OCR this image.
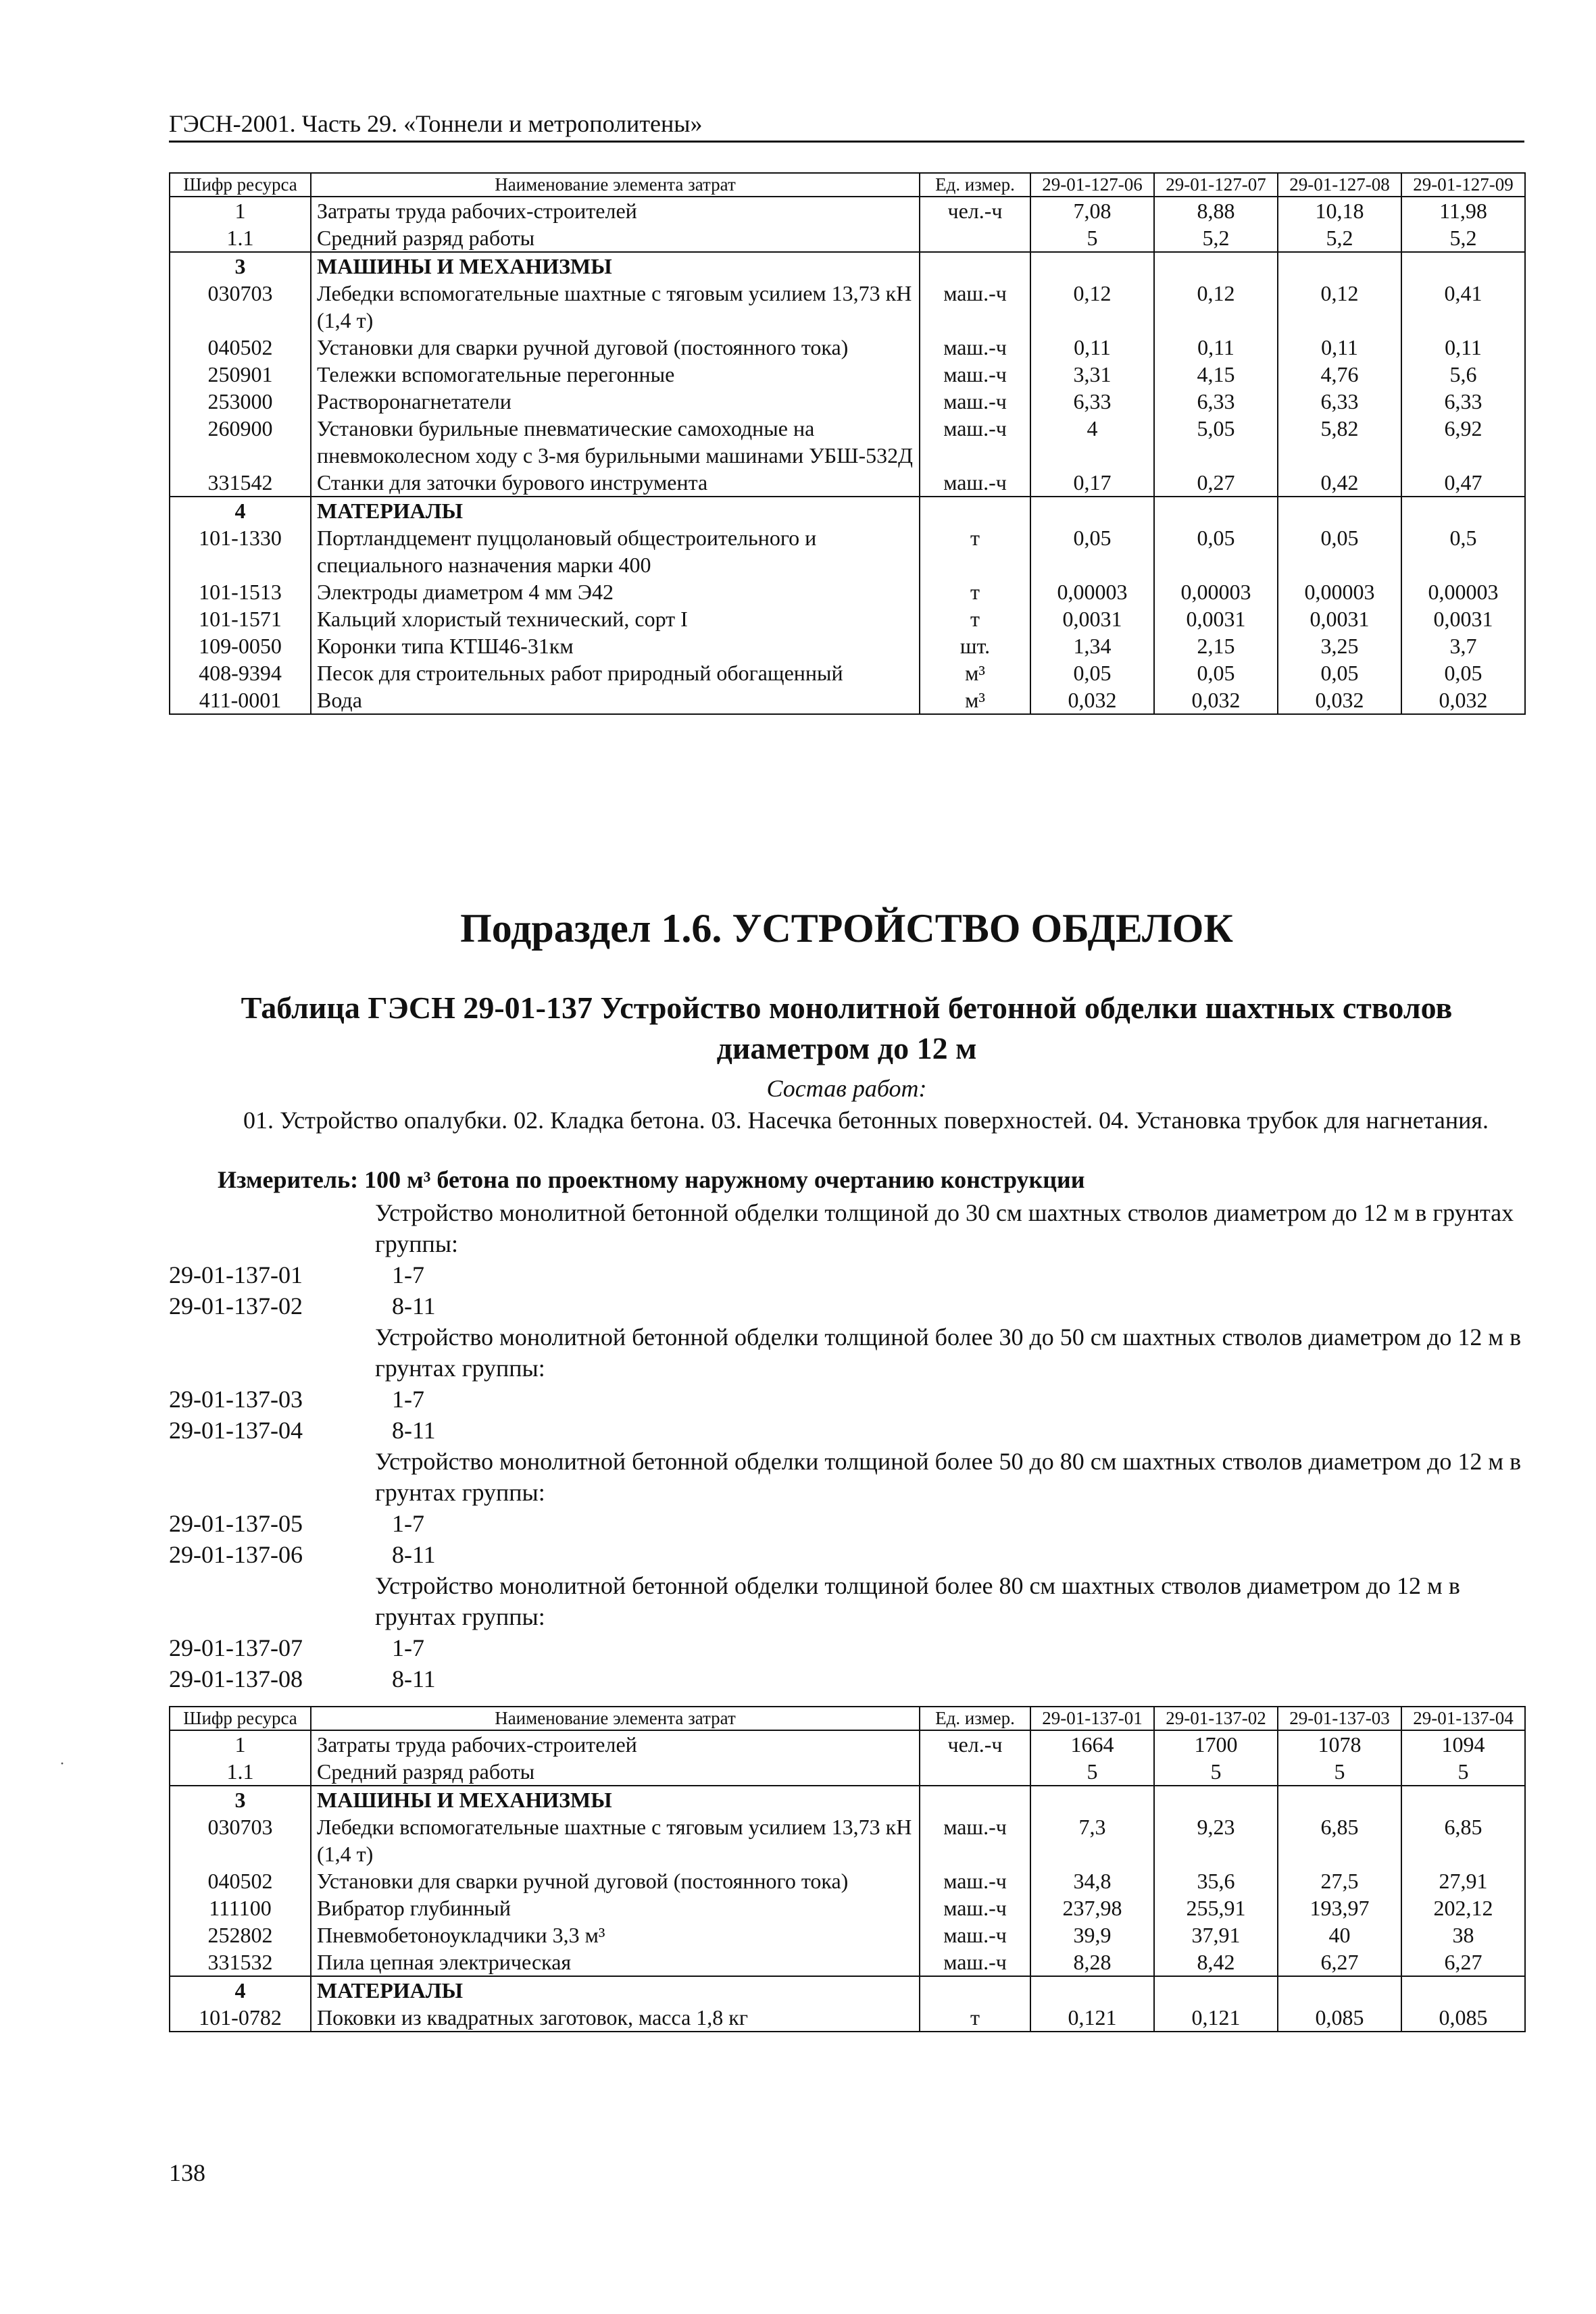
ГЭСН-2001. Часть 29. «Тоннели и метрополитены»
Шифр ресурса	Наименование элемента затрат	Ед. измер.	29-01-127-06	29-01-127-07	29-01-127-08	29-01-127-09
1	Затраты труда рабочих-строителей	чел.-ч	7,08	8,88	10,18	11,98
1.1	Средний разряд работы		5	5,2	5,2	5,2
3	МАШИНЫ И МЕХАНИЗМЫ					
030703	Лебедки вспомогательные шахтные с тяговым усилием 13,73 кН (1,4 т)	маш.-ч	0,12	0,12	0,12	0,41
040502	Установки для сварки ручной дуговой (постоянного тока)	маш.-ч	0,11	0,11	0,11	0,11
250901	Тележки вспомогательные перегонные	маш.-ч	3,31	4,15	4,76	5,6
253000	Растворонагнетатели	маш.-ч	6,33	6,33	6,33	6,33
260900	Установки бурильные пневматические самоходные на пневмоколесном ходу с 3-мя бурильными машинами УБШ-532Д	маш.-ч	4	5,05	5,82	6,92
331542	Станки для заточки бурового инструмента	маш.-ч	0,17	0,27	0,42	0,47
4	МАТЕРИАЛЫ					
101-1330	Портландцемент пуццолановый общестроительного и специального назначения марки 400	т	0,05	0,05	0,05	0,5
101-1513	Электроды диаметром 4 мм Э42	т	0,00003	0,00003	0,00003	0,00003
101-1571	Кальций хлористый технический, сорт I	т	0,0031	0,0031	0,0031	0,0031
109-0050	Коронки типа КТШ46-31км	шт.	1,34	2,15	3,25	3,7
408-9394	Песок для строительных работ природный обогащенный	м³	0,05	0,05	0,05	0,05
411-0001	Вода	м³	0,032	0,032	0,032	0,032
Подраздел 1.6. УСТРОЙСТВО ОБДЕЛОК
Таблица ГЭСН 29-01-137 Устройство монолитной бетонной обделки шахтных стволов диаметром до 12 м
Состав работ:
01. Устройство опалубки. 02. Кладка бетона. 03. Насечка бетонных поверхностей. 04. Установка трубок для нагнетания.
Измеритель: 100 м³ бетона по проектному наружному очертанию конструкции
Устройство монолитной бетонной обделки толщиной до 30 см шахтных стволов диаметром до 12 м в грунтах группы:
29-01-137-01	1-7
29-01-137-02	8-11
Устройство монолитной бетонной обделки толщиной более 30 до 50 см шахтных стволов диаметром до 12 м в грунтах группы:
29-01-137-03	1-7
29-01-137-04	8-11
Устройство монолитной бетонной обделки толщиной более 50 до 80 см шахтных стволов диаметром до 12 м в грунтах группы:
29-01-137-05	1-7
29-01-137-06	8-11
Устройство монолитной бетонной обделки толщиной более 80 см шахтных стволов диаметром до 12 м в грунтах группы:
29-01-137-07	1-7
29-01-137-08	8-11
Шифр ресурса	Наименование элемента затрат	Ед. измер.	29-01-137-01	29-01-137-02	29-01-137-03	29-01-137-04
1	Затраты труда рабочих-строителей	чел.-ч	1664	1700	1078	1094
1.1	Средний разряд работы		5	5	5	5
3	МАШИНЫ И МЕХАНИЗМЫ					
030703	Лебедки вспомогательные шахтные с тяговым усилием 13,73 кН (1,4 т)	маш.-ч	7,3	9,23	6,85	6,85
040502	Установки для сварки ручной дуговой (постоянного тока)	маш.-ч	34,8	35,6	27,5	27,91
111100	Вибратор глубинный	маш.-ч	237,98	255,91	193,97	202,12
252802	Пневмобетоноукладчики 3,3 м³	маш.-ч	39,9	37,91	40	38
331532	Пила цепная электрическая	маш.-ч	8,28	8,42	6,27	6,27
4	МАТЕРИАЛЫ					
101-0782	Поковки из квадратных заготовок, масса 1,8 кг	т	0,121	0,121	0,085	0,085
·
138
